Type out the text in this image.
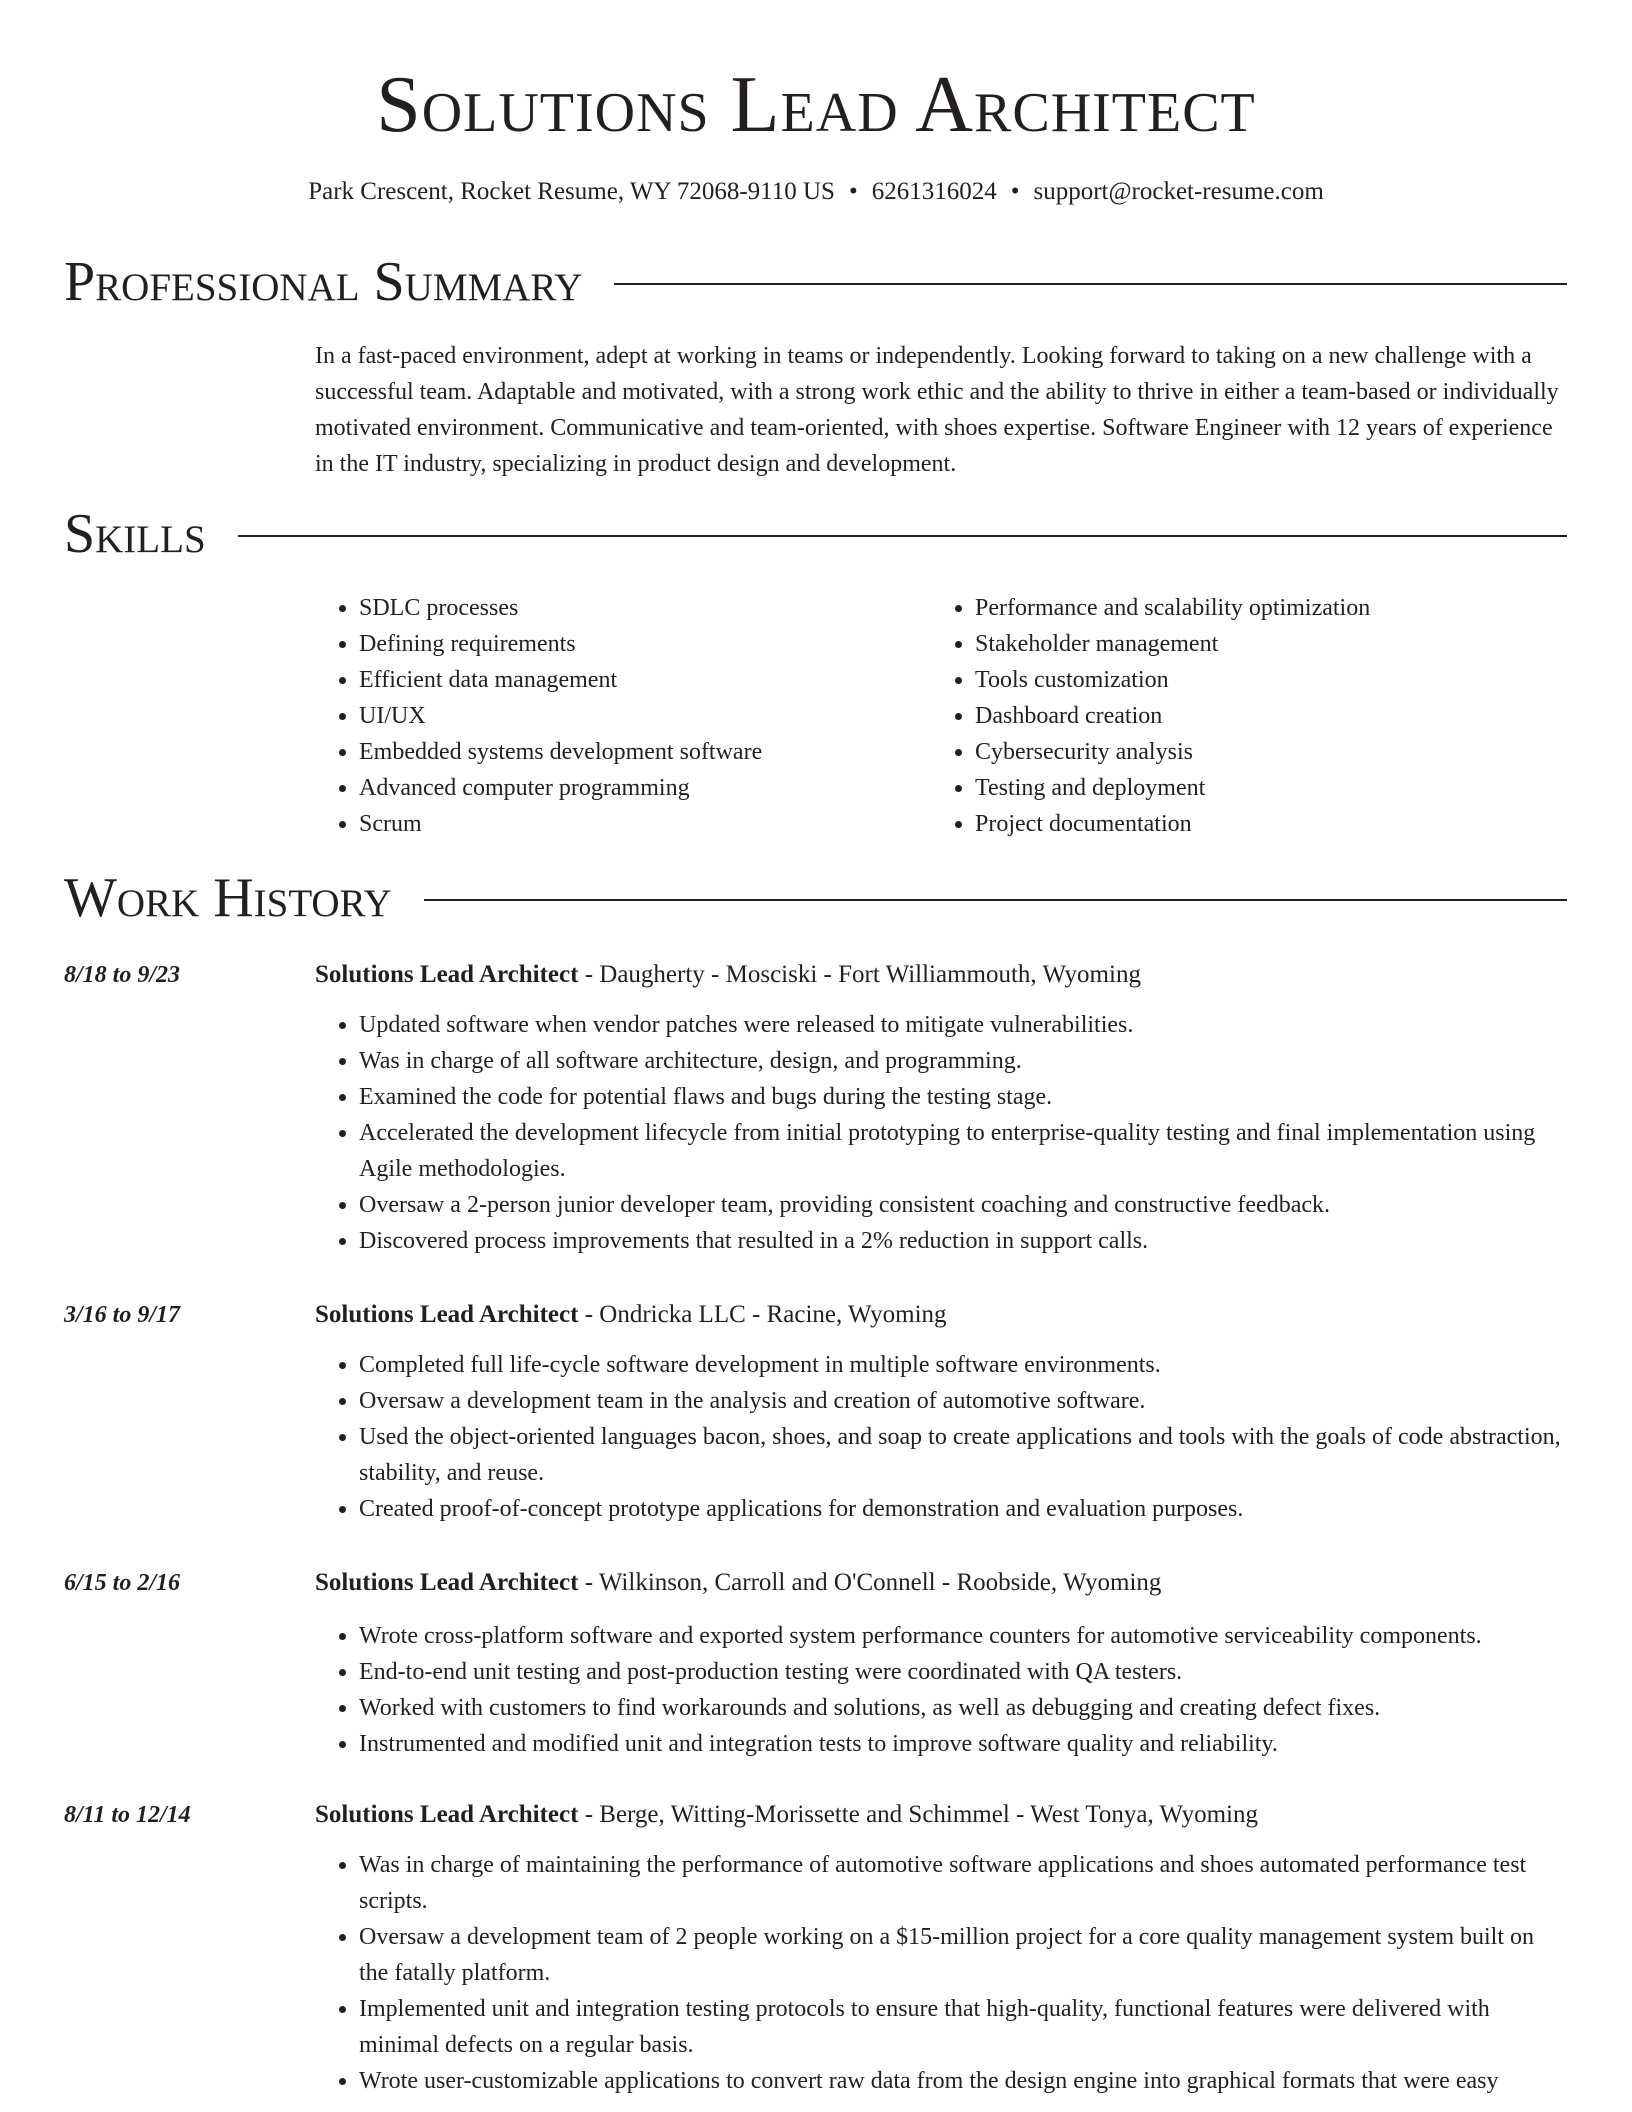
Solutions Lead Architect
Park Crescent, Rocket Resume, WY 72068-9110 US • 6261316024 • support@rocket-resume.com
Professional Summary

In a fast-paced environment, adept at working in teams or independently. Looking forward to taking on a new challenge with a successful team. Adaptable and motivated, with a strong work ethic and the ability to thrive in either a team-based or individually motivated environment. Communicative and team-oriented, with shoes expertise. Software Engineer with 12 years of experience in the IT industry, specializing in product design and development.

Skills
• SDLC processes
• Defining requirements
• Efficient data management
• UI/UX
• Embedded systems development software
• Advanced computer programming
• Scrum
• Performance and scalability optimization
• Stakeholder management
• Tools customization
• Dashboard creation
• Cybersecurity analysis
• Testing and deployment
• Project documentation
Work History
8/18 to 9/23	Solutions Lead Architect - Daugherty - Mosciski - Fort Williammouth, Wyoming
• Updated software when vendor patches were released to mitigate vulnerabilities.
• Was in charge of all software architecture, design, and programming.
• Examined the code for potential flaws and bugs during the testing stage.
• Accelerated the development lifecycle from initial prototyping to enterprise-quality testing and final implementation using Agile methodologies.
• Oversaw a 2-person junior developer team, providing consistent coaching and constructive feedback.
• Discovered process improvements that resulted in a 2% reduction in support calls.
3/16 to 9/17	Solutions Lead Architect - Ondricka LLC - Racine, Wyoming
• Completed full life-cycle software development in multiple software environments.
• Oversaw a development team in the analysis and creation of automotive software.
• Used the object-oriented languages bacon, shoes, and soap to create applications and tools with the goals of code abstraction, stability, and reuse.
• Created proof-of-concept prototype applications for demonstration and evaluation purposes.
6/15 to 2/16	Solutions Lead Architect - Wilkinson, Carroll and O'Connell - Roobside, Wyoming
• Wrote cross-platform software and exported system performance counters for automotive serviceability components.
• End-to-end unit testing and post-production testing were coordinated with QA testers.
• Worked with customers to find workarounds and solutions, as well as debugging and creating defect fixes.
• Instrumented and modified unit and integration tests to improve software quality and reliability.
8/11 to 12/14	Solutions Lead Architect - Berge, Witting-Morissette and Schimmel - West Tonya, Wyoming
• Was in charge of maintaining the performance of automotive software applications and shoes automated performance test scripts.
• Oversaw a development team of 2 people working on a $15-million project for a core quality management system built on the fatally platform.
• Implemented unit and integration testing protocols to ensure that high-quality, functional features were delivered with minimal defects on a regular basis.
• Wrote user-customizable applications to convert raw data from the design engine into graphical formats that were easy
